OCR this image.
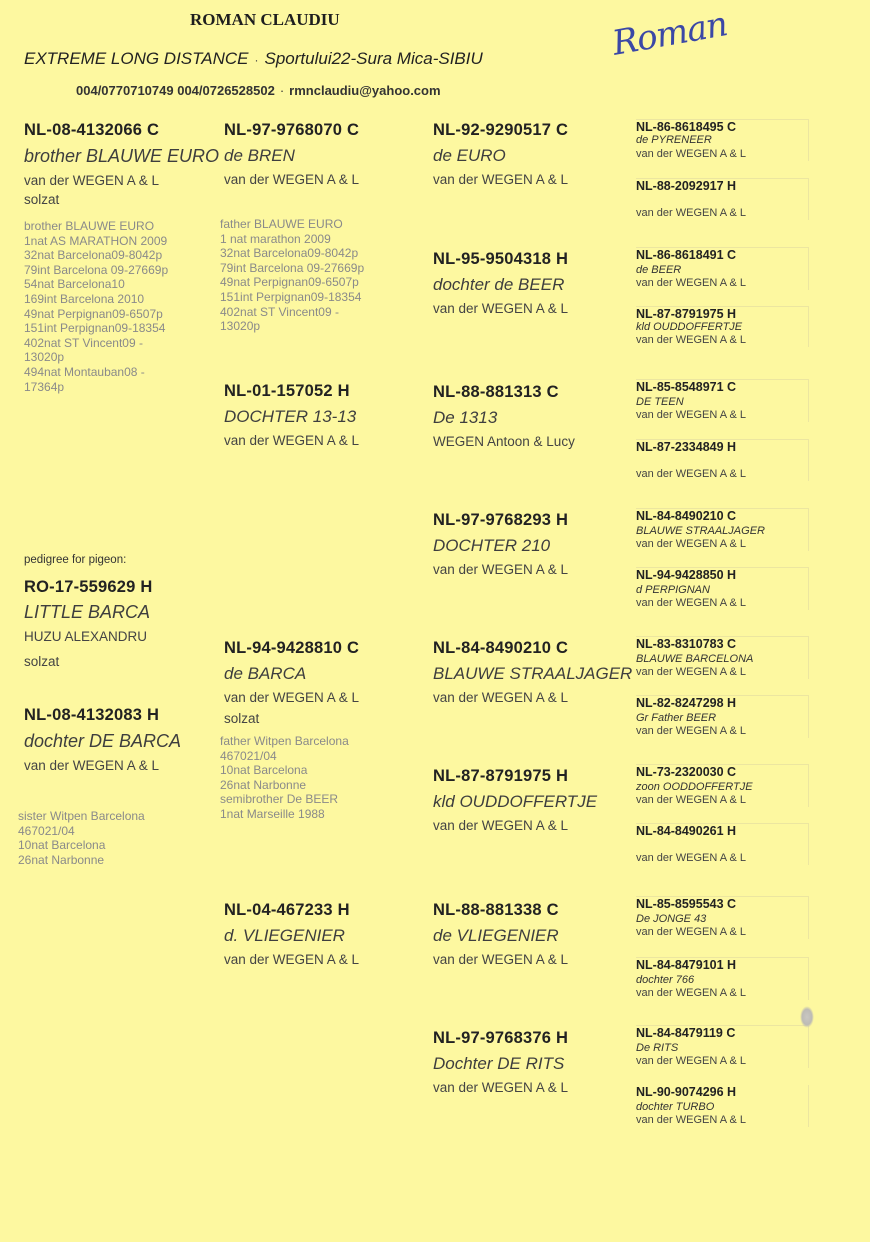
ROMAN CLAUDIU
EXTREME LONG DISTANCE · Sportului22-Sura Mica-SIBIU
004/0770710749 004/0726528502 · rmnclaudiu@yahoo.com
Roman
pedigree for pigeon:
RO-17-559629 H
LITTLE BARCA
HUZU ALEXANDRU
solzat
NL-08-4132066 C
brother BLAUWE EURO
van der WEGEN A & L
solzat
brother BLAUWE EURO
1nat AS MARATHON 2009
32nat Barcelona09-8042p
79int Barcelona 09-27669p
54nat Barcelona10
169int Barcelona 2010
49nat Perpignan09-6507p
151int Perpignan09-18354
402nat ST Vincent09 -
13020p
494nat Montauban08 -
17364p
NL-08-4132083 H
dochter DE BARCA
van der WEGEN A & L
sister Witpen Barcelona
467021/04
10nat Barcelona
26nat Narbonne
NL-97-9768070 C
de BREN
van der WEGEN A & L
father BLAUWE EURO
1 nat marathon 2009
32nat Barcelona09-8042p
79int Barcelona 09-27669p
49nat Perpignan09-6507p
151int Perpignan09-18354
402nat ST Vincent09 -
13020p
NL-01-157052 H
DOCHTER 13-13
van der WEGEN A & L
NL-94-9428810 C
de BARCA
van der WEGEN A & L
solzat
father Witpen Barcelona
467021/04
10nat Barcelona
26nat Narbonne
semibrother De BEER
1nat Marseille 1988
NL-04-467233 H
d. VLIEGENIER
van der WEGEN A & L
NL-92-9290517 C
de EURO
van der WEGEN A & L
NL-95-9504318 H
dochter de BEER
van der WEGEN A & L
NL-88-881313 C
De 1313
WEGEN Antoon & Lucy
NL-97-9768293 H
DOCHTER 210
van der WEGEN A & L
NL-84-8490210 C
BLAUWE STRAALJAGER
van der WEGEN A & L
NL-87-8791975 H
kld OUDDOFFERTJE
van der WEGEN A & L
NL-88-881338 C
de VLIEGENIER
van der WEGEN A & L
NL-97-9768376 H
Dochter DE RITS
van der WEGEN A & L
NL-86-8618495 C
de PYRENEER
van der WEGEN A & L
NL-88-2092917 H
van der WEGEN A & L
NL-86-8618491 C
de BEER
van der WEGEN A & L
NL-87-8791975 H
kld OUDDOFFERTJE
van der WEGEN A & L
NL-85-8548971 C
DE TEEN
van der WEGEN A & L
NL-87-2334849 H
van der WEGEN A & L
NL-84-8490210 C
BLAUWE STRAALJAGER
van der WEGEN A & L
NL-94-9428850 H
d PERPIGNAN
van der WEGEN A & L
NL-83-8310783 C
BLAUWE BARCELONA
van der WEGEN A & L
NL-82-8247298 H
Gr Father BEER
van der WEGEN A & L
NL-73-2320030 C
zoon OODDOFFERTJE
van der WEGEN A & L
NL-84-8490261 H
van der WEGEN A & L
NL-85-8595543 C
De JONGE 43
van der WEGEN A & L
NL-84-8479101 H
dochter 766
van der WEGEN A & L
NL-84-8479119 C
De RITS
van der WEGEN A & L
NL-90-9074296 H
dochter TURBO
van der WEGEN A & L
